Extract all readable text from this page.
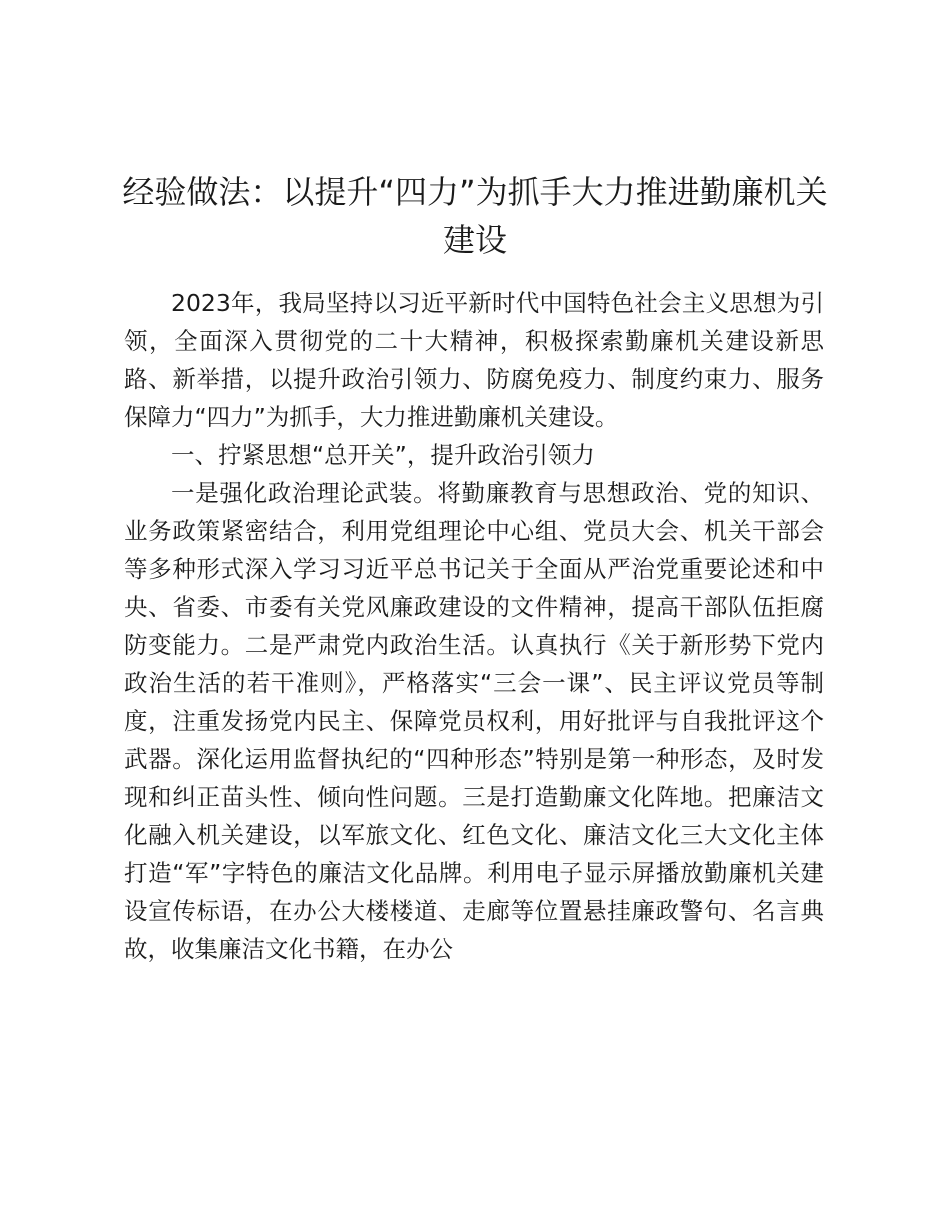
经验做法：以提升“四力”为抓手大力推进勤廉机关建设

2023年，我局坚持以习近平新时代中国特色社会主义思想为引领，全面深入贯彻党的二十大精神，积极探索勤廉机关建设新思路、新举措，以提升政治引领力、防腐免疫力、制度约束力、服务保障力“四力”为抓手，大力推进勤廉机关建设。

一、拧紧思想“总开关”，提升政治引领力

一是强化政治理论武装。将勤廉教育与思想政治、党的知识、业务政策紧密结合，利用党组理论中心组、党员大会、机关干部会等多种形式深入学习习近平总书记关于全面从严治党重要论述和中央、省委、市委有关党风廉政建设的文件精神，提高干部队伍拒腐防变能力。二是严肃党内政治生活。认真执行《关于新形势下党内政治生活的若干准则》，严格落实“三会一课”、民主评议党员等制度，注重发扬党内民主、保障党员权利，用好批评与自我批评这个武器。深化运用监督执纪的“四种形态”特别是第一种形态，及时发现和纠正苗头性、倾向性问题。三是打造勤廉文化阵地。把廉洁文化融入机关建设，以军旅文化、红色文化、廉洁文化三大文化主体打造“军”字特色的廉洁文化品牌。利用电子显示屏播放勤廉机关建设宣传标语，在办公大楼楼道、走廊等位置悬挂廉政警句、名言典故，收集廉洁文化书籍，在办公
